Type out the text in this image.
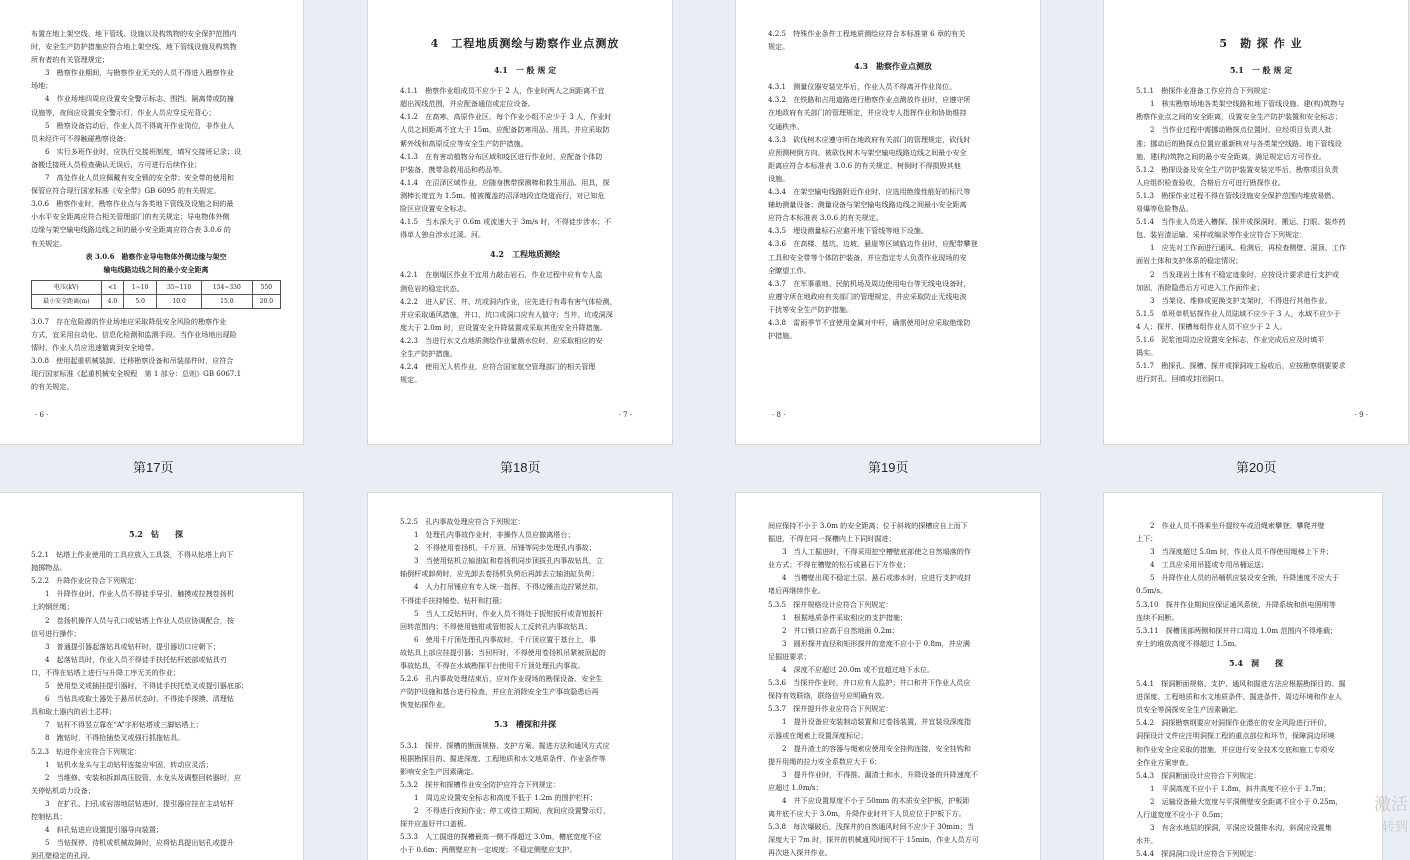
布置在地上架空线、地下管线、设施以及构筑物的安全保护范围内
时，安全生产防护措施应符合地上架空线、地下管线设施及构筑物
所有者的有关管理规定；
3　勘察作业期间，与勘察作业无关的人员不得进入勘察作业
场地；
4　作业场地四周应设置安全警示标志、围挡、隔离带或防撞
设施等，夜间应设置安全警示灯，作业人员应穿反光背心；
5　勘察设备启动后，作业人员不得离开作业岗位，非作业人
员未经许可不得触碰勘察设备；
6　实行多班作业时，应执行交接班制度，填写交接班记录；设
备搬迁接班人员检查确认无误后，方可进行后续作业；
7　高处作业人员应佩戴有安全锁的安全带；安全带的使用和
保管应符合现行国家标准《安全带》GB 6095 的有关规定。
3.0.6　勘察作业时，勘察作业点与各类地下管线及设施之间的最
小水平安全距离应符合相关管理部门的有关规定；导电物体外侧
边缘与架空输电线路边线之间的最小安全距离应符合表 3.0.6 的
有关规定。
表 3.0.6　勘察作业导电物体外侧边缘与架空
输电线路边线之间的最小安全距离
电压(kV)	<1	1~10	35~110	154~330	550
最小安全距离(m)	4.0	5.0	10.0	15.0	20.0
3.0.7　存在危险源的作业场地应采取降低安全风险的勘察作业
方式，宜采用自动化、信息化检测和监测手段。当作业场地出现险
情时，作业人员应迅速撤离到安全地带。
3.0.8　使用起重机械装卸、迁移勘察设备和吊装部件时，应符合
现行国家标准《起重机械安全规程　第 1 部分：总则》GB 6067.1
的有关规定。
· 6 ·
4　工程地质测绘与勘察作业点测放
4.1　一 般 规 定
4.1.1　勘察作业组成员不应少于 2 人，作业时两人之间距离不宜
超出视线范围，并应配备通信或定位设备。
4.1.2　在高寒、高原作业区，每个作业小组不应少于 3 人，作业时
人员之间距离不宜大于 15m，应配备防寒用品、用具，并应采取防
紫外线和高原反应等安全生产防护措施。
4.1.3　在有害动植物分布区域和疫区进行作业时，应配备个体防
护装备，携带急救用品和药品等。
4.1.4　在沼泽区域作业，应随身携带探测棒和救生用品、用具，探
测棒长度宜为 1.5m。植被覆盖的沼泽地段宜绕道而行，对已知危
险区应设置安全标志。
4.1.5　当水深大于 0.6m 或流速大于 3m/s 时，不得徒步涉水；不
得单人独自涉水过溪、河。
4.2　工程地质测绘
4.2.1　在崩塌区作业不宜用力敲击岩石，作业过程中应有专人监
测危岩的稳定状态。
4.2.2　进入矿区、井、坑或洞内作业，应先进行有毒有害气体检测，
并应采取通风措施，井口、坑口或洞口应有人值守；当井、坑或洞深
度大于 2.0m 时，应设置安全升降装置或采取其他安全升降措施。
4.2.3　当进行水文点地质测绘作业量测水位时，应采取相应的安
全生产防护措施。
4.2.4　使用无人机作业，应符合国家航空管理部门的相关管理
规定。
· 7 ·
4.2.5　特殊作业条件工程地质测绘应符合本标准第 6 章的有关
规定。
4.3　勘察作业点测放
4.3.1　测量仪器安装完毕后，作业人员不得离开作业岗位。
4.3.2　在铁路和占用道路进行勘察作业点测放作业时，应遵守所
在地政府有关部门的管理规定，并应设专人指挥作业和协助维持
交通秩序。
4.3.3　砍伐树木应遵守所在地政府有关部门的管理规定，砍伐时
应预测树倒方向，被砍伐树木与架空输电线路边线之间最小安全
距离应符合本标准表 3.0.6 的有关规定，树倒时不得损毁其他
设施。
4.3.4　在架空输电线路附近作业时，应选用绝缘性能好的标尺等
辅助测量设备；测量设备与架空输电线路边线之间最小安全距离
应符合本标准表 3.0.6 的有关规定。
4.3.5　埋设测量标石应避开地下管线等地下设施。
4.3.6　在高楼、基坑、边坡、悬崖等区域临边作业时，应配带攀登
工具和安全带等个体防护装备，并应指定专人负责作业现场的安
全瞭望工作。
4.3.7　在军事重地、民航机场及周边使用电台等无线电设备时，
应遵守所在地政府有关部门的管理规定，并应采取防止无线电波
干扰等安全生产防护措施。
4.3.8　雷雨季节不宜使用金属对中杆，确需使用时应采取绝缘防
护措施。
· 8 ·
5　勘 探 作 业
5.1　一 般 规 定
5.1.1　勘探作业准备工作应符合下列规定：
1　核实勘察场地各类架空线路和地下管线设施、建(构)筑物与
勘察作业点之间的安全距离，设置安全生产防护装置和安全标志；
2　当作业过程中需挪动勘探点位置时，应经项目负责人批
准；挪动后的勘探点位置应重新核对与各类架空线路、地下管线设
施、建(构)筑物之间的最小安全距离，满足规定后方可作业。
5.1.2　勘探设备及安全生产防护装置安装完毕后，勘察项目负责
人应组织检查验收，合格后方可进行勘探作业。
5.1.3　勘探作业过程不得在管线设施安全保护范围内堆放易燃、
易爆等危险物品。
5.1.4　当作业人员进入槽探、探井或探洞时，搬运、打眼、装炸药
包、装岩渣运输、采样或编录等作业应符合下列规定：
1　应先对工作面进行通风、检测后，再检查侧壁、洞顶、工作
面岩土体和支护体系的稳定情况；
2　当发现岩土体有不稳定迹象时，应按设计要求进行支护或
加固，消除隐患后方可进入工作面作业；
3　当架设、维修或更换支护支架时，不得进行其他作业。
5.1.5　单班单机钻探作业人员陆域不应少于 3 人，水域不应少于
4 人；探井、探槽每组作业人员不应少于 2 人。
5.1.6　泥浆池周边应设置安全标志，作业完成后应及时填平
捣实。
5.1.7　勘探孔、探槽、探井或探洞竣工验收后，应按勘察纲要要求
进行封孔、回填或封闭洞口。
· 9 ·
第17页	第18页	第19页	第20页
5.2　钻　　探
5.2.1　钻塔上作业使用的工具应放入工具袋，不得从钻塔上向下
抛掷物品。
5.2.2　升降作业应符合下列规定：
1　升降作业时，作业人员不得徒手导引、触摸或拉拽卷扬机
上的钢丝绳；
2　卷扬机操作人员与孔口或钻塔上作业人员应协调配合，按
信号进行操作；
3　普通提引器起落钻具或钻杆时，提引器切口应朝下；
4　起落钻具时，作业人员不得徒手扶托钻杆底部或钻具刃
口，不得在钻塔上进行与升降工序无关的作业；
5　使用垫叉或插挂提引器时，不得徒手扶托垫叉或提引器底部；
6　当钻具或取土器处于悬吊状态时，不得徒手探摸、清理钻
具和取土器内的岩土芯样；
7　钻杆不得竖立靠在“A”字形钻塔或三脚钻塔上；
8　跑钻时，不得抢插垫叉或强行抓拖钻具。
5.2.3　钻进作业应符合下列规定：
1　钻机水龙头与主动钻杆连接应牢固，转动应灵活；
2　当维修、安装和拆卸高压胶管、水龙头及调整回转器时，应
关停钻机动力设备；
3　在扩孔、扫孔或岩溶地层钻进时，提引器应挂在主动钻杆
控制钻具；
4　斜孔钻进应设置提引器导向装置；
5　当钻探停、待机或机械故障时，应将钻具提出钻孔或提升
到孔壁稳定的孔段。
5.2.5　孔内事故处理应符合下列规定：
1　处理孔内事故作业时，非操作人员应撤离塔台；
2　不得使用卷扬机、千斤顶、吊锤等同步处理孔内事故；
3　当使用钻机立轴油缸和卷扬机同步顶拔孔内事故钻具，立
轴倒杆或卸荷时，应先卸去卷扬机负荷后再卸去立轴油缸负荷；
4　人力打吊锤应有专人统一指挥，不得边锤击边拧紧丝扣，
不得徒手扶持锤垫、钻杆和打箍；
5　当人工反钻杆时，作业人员不得处于扳钳扳杆或背钳扳杆
回转范围内；不得使用链钳或管钳扳人工反转孔内事故钻具；
6　使用千斤顶处理孔内事故时，千斤顶应置于基台上，事
故钻具上部应挂提引器；当回杆时，不得使用卷扬机吊紧被顶起的
事故钻具，不得在水域勘探平台使用千斤顶处理孔内事故。
5.2.6　孔内事故处理结束后，应对作业现场的勘探设备、安全生
产防护设施和基台进行检查，并应在消除安全生产事故隐患后再
恢复钻探作业。
5.3　槽探和井探
5.3.1　探井、探槽的断面规格、支护方案、掘进方法和通风方式应
根据勘探目的、掘进深度、工程地质和水文地质条件、作业条件等
影响安全生产因素确定。
5.3.2　探井和探槽作业安全防护应符合下列规定：
1　周边应设置安全标志和高度不低于 1.2m 的围护栏杆；
2　不得进行夜间作业；停工或待工期间，夜间应设置警示灯，
探井应盖好井口盖板。
5.3.3　人工掘进的探槽最高一侧不得超过 3.0m，槽底宽度不应
小于 0.6m；两侧壁应有一定坡度；不稳定侧壁应支护。
间应保持不小于 3.0m 的安全距离；位于斜坡的探槽应自上而下
掘进，不得在同一探槽内上下同时掘进；
3　当人工掘进时，不得采用挖空槽壁底部使之自然塌落的作
业方式；不得在槽壁的松石或悬石下方作业；
4　当槽壁出现不稳定土层、悬石或渗水时，应进行支护或封
堵后再继续作业。
5.3.5　探井规格设计应符合下列规定：
1　根据地质条件采取相应的支护措施；
2　井口锁口应高于自然地面 0.2m；
3　圆形探井直径和矩形探井的宽度不应小于 0.8m，并应满
足掘进要求；
4　深度不应超过 20.0m 或不宜超过地下水位。
5.3.6　当探井作业时，井口应有人监护；井口和井下作业人员应
保持有效联络，联络信号应明确有效。
5.3.7　探井提升作业应符合下列规定：
1　提升设备应安装制动装置和过卷扬装置，并宜装设深度指
示器或在绳索上设置深度标记；
2　提升渣土的容器与绳索应使用安全挂钩连接，安全挂钩和
提升用绳的拉力安全系数应大于 6；
3　提升作业时，不得推、漏渣土和水，升降设备的升降速度不
应超过 1.0m/s；
4　井下应设置厚度不小于 50mm 的木质安全护板，护板距
离井底不应大于 3.0m，升降作业时井下人员应位于护板下方。
5.3.8　每次爆破后，浅探井的自然通风时间不应少于 30min；当
深度大于 7m 时，探井的机械通风时间不于 15min，作业人员方可
再次进入探井作业。
2　作业人员不得乘坐升提绞车或沿绳索攀登、攀爬井壁
上下；
3　当深度超过 5.0m 时，作业人员不得使用绳梯上下井；
4　工具应采用吊篮或专用吊桶运送；
5　升降作业人员的吊桶机应装设安全锁，升降速度不应大于
0.5m/s。
5.3.10　探井作业期间应保证通风系统、升降系统和供电照明等
连续不间断。
5.3.11　探槽顶部两侧和探井井口周边 1.0m 范围内不得堆载；
弃土的堆放高度不得超过 1.5m。
5.4　洞　　探
5.4.1　探洞断面规格、支护、通风和掘进方法应根据勘探目的、掘
进深度、工程地质和水文地质条件、掘进条件、周边环境和作业人
员安全等洞探安全生产因素确定。
5.4.2　洞探勘察纲要应对洞探作业潜在的安全风险进行评价，
洞探设计文件应注明洞探工程的重点部位和环节，保障洞边环境
和作业安全应采取的措施，并应进行安全技术交底和施工专项安
全作业方案审查。
5.4.3　探洞断面设计应符合下列规定：
1　平洞高度不应小于 1.8m，斜井高度不应小于 1.7m；
2　运输设备最大宽度与平洞侧壁安全距离不应小于 0.25m，
人行道宽度不应小于 0.5m；
3　有含水地层的探洞，平洞应设置排水沟，斜洞应设置集
水井。
5.4.4　探洞洞口设计应符合下列规定：
激活
转到
